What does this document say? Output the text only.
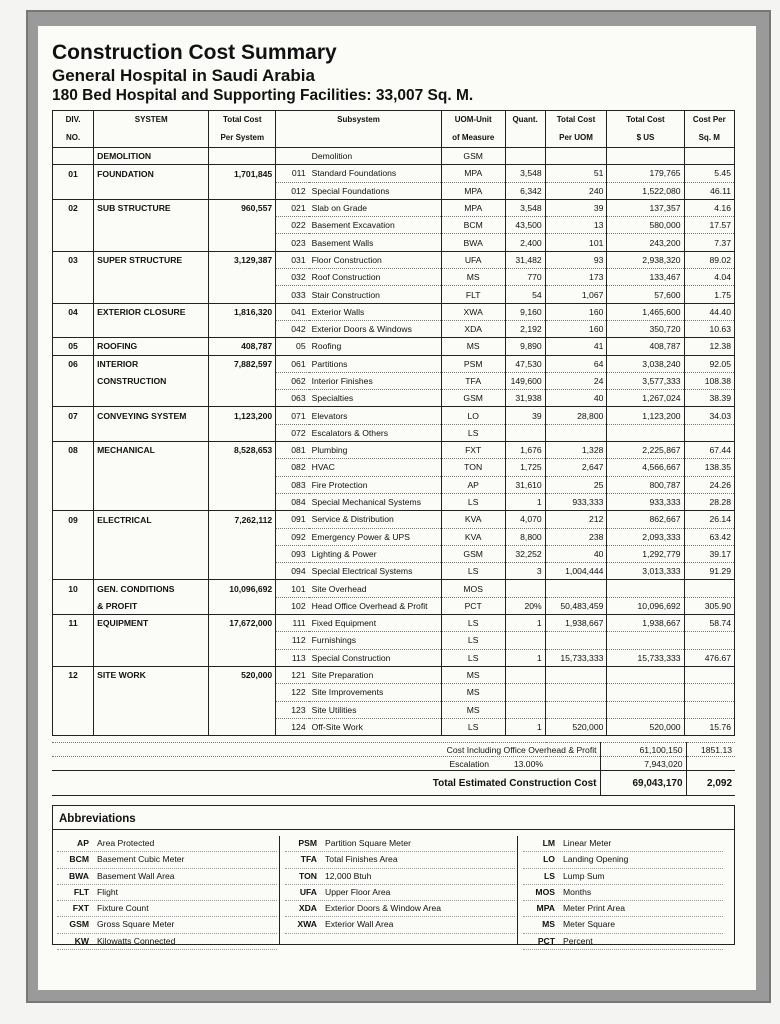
Construction Cost Summary
General Hospital in Saudi Arabia
180 Bed Hospital and Supporting Facilities: 33,007 Sq. M.
DIV.	SYSTEM	Total Cost	Subsystem		UOM-Unit	Quant.	Total Cost	Total Cost	Cost Per
NO.		Per System			of Measure		Per UOM	$ US	Sq. M
	DEMOLITION			Demolition	GSM				
01	FOUNDATION	1,701,845	011	Standard Foundations	MPA	3,548	51	179,765	5.45
			012	Special Foundations	MPA	6,342	240	1,522,080	46.11
02	SUB STRUCTURE	960,557	021	Slab on Grade	MPA	3,548	39	137,357	4.16
			022	Basement Excavation	BCM	43,500	13	580,000	17.57
			023	Basement Walls	BWA	2,400	101	243,200	7.37
03	SUPER STRUCTURE	3,129,387	031	Floor Construction	UFA	31,482	93	2,938,320	89.02
			032	Roof Construction	MS	770	173	133,467	4.04
			033	Stair Construction	FLT	54	1,067	57,600	1.75
04	EXTERIOR CLOSURE	1,816,320	041	Exterior Walls	XWA	9,160	160	1,465,600	44.40
			042	Exterior Doors & Windows	XDA	2,192	160	350,720	10.63
05	ROOFING	408,787	05	Roofing	MS	9,890	41	408,787	12.38
06	INTERIOR	7,882,597	061	Partitions	PSM	47,530	64	3,038,240	92.05
	CONSTRUCTION		062	Interior Finishes	TFA	149,600	24	3,577,333	108.38
			063	Specialties	GSM	31,938	40	1,267,024	38.39
07	CONVEYING SYSTEM	1,123,200	071	Elevators	LO	39	28,800	1,123,200	34.03
			072	Escalators & Others	LS				
08	MECHANICAL	8,528,653	081	Plumbing	FXT	1,676	1,328	2,225,867	67.44
			082	HVAC	TON	1,725	2,647	4,566,667	138.35
			083	Fire Protection	AP	31,610	25	800,787	24.26
			084	Special Mechanical Systems	LS	1	933,333	933,333	28.28
09	ELECTRICAL	7,262,112	091	Service & Distribution	KVA	4,070	212	862,667	26.14
			092	Emergency Power & UPS	KVA	8,800	238	2,093,333	63.42
			093	Lighting & Power	GSM	32,252	40	1,292,779	39.17
			094	Special Electrical Systems	LS	3	1,004,444	3,013,333	91.29
10	GEN. CONDITIONS	10,096,692	101	Site Overhead	MOS				
	& PROFIT		102	Head Office Overhead & Profit	PCT	20%	50,483,459	10,096,692	305.90
11	EQUIPMENT	17,672,000	111	Fixed Equipment	LS	1	1,938,667	1,938,667	58.74
			112	Furnishings	LS				
			113	Special Construction	LS	1	15,733,333	15,733,333	476.67
12	SITE WORK	520,000	121	Site Preparation	MS				
			122	Site Improvements	MS				
			123	Site Utilities	MS				
			124	Off-Site Work	LS	1	520,000	520,000	15.76
Cost Including Office Overhead & Profit			61,100,150	1851.13
Escalation	13.00%		7,943,020	
Total Estimated Construction Cost			69,043,170	2,092
Abbreviations
AP Area Protected
BCM Basement Cubic Meter
BWA Basement Wall Area
FLT Flight
FXT Fixture Count
GSM Gross Square Meter
KW Kilowatts Connected
PSM Partition Square Meter
TFA Total Finishes Area
TON 12,000 Btuh
UFA Upper Floor Area
XDA Exterior Doors & Window Area
XWA Exterior Wall Area
LM Linear Meter
LO Landing Opening
LS Lump Sum
MOS Months
MPA Meter Print Area
MS Meter Square
PCT Percent
